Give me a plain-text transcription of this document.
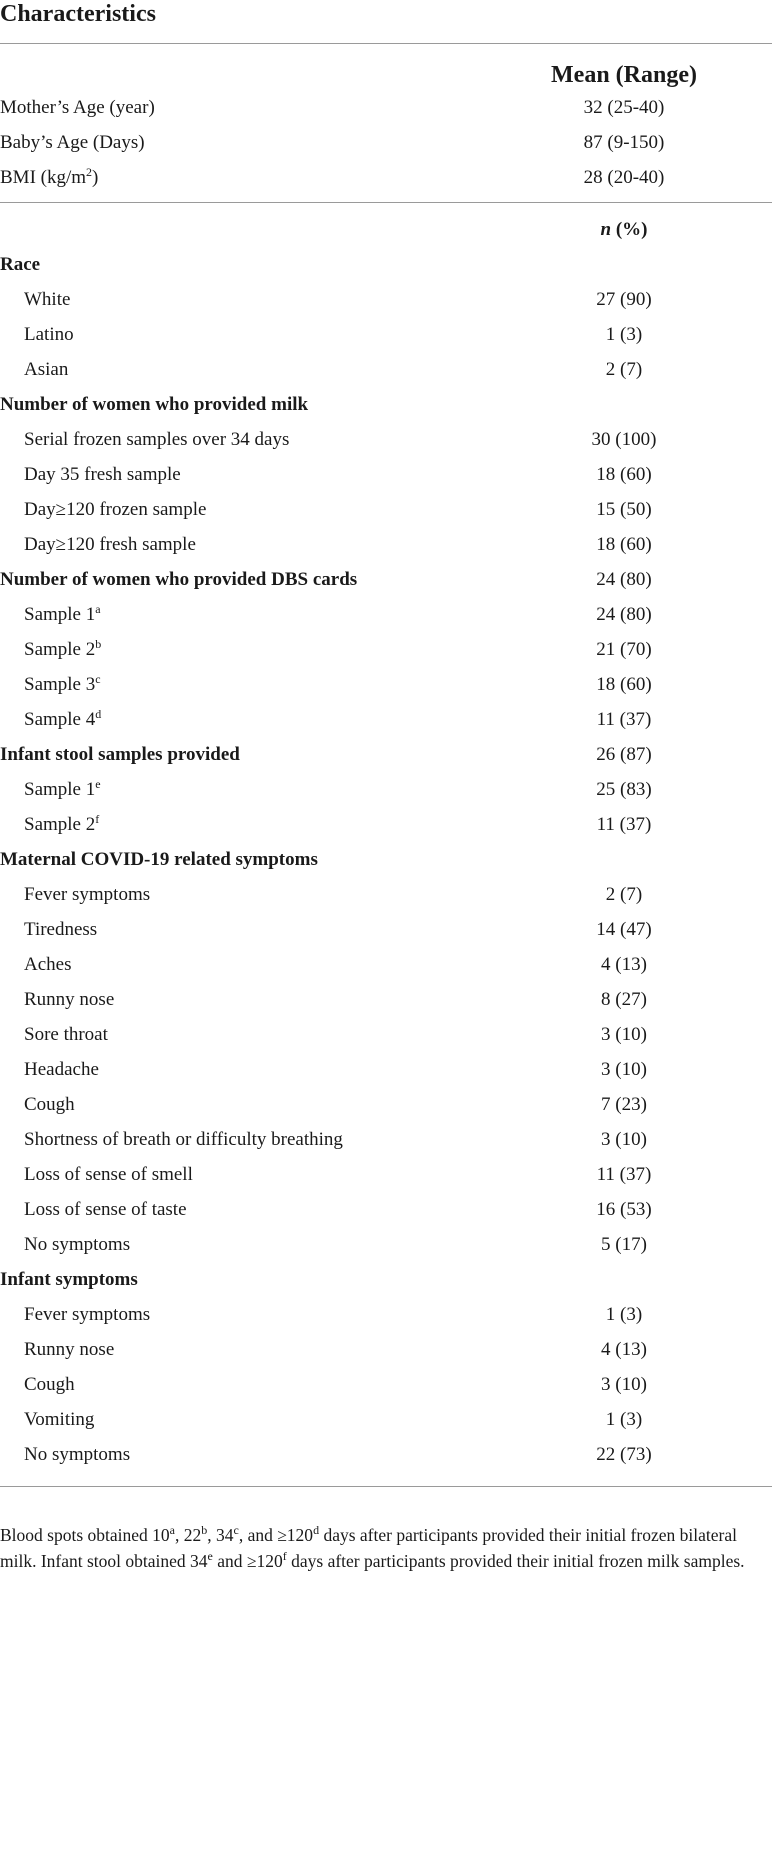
Characteristics
Mean (Range)
Mother’s Age (year)	32 (25-40)
Baby’s Age (Days)	87 (9-150)
BMI $(kg/m^2)$	28 (20-40)
n (%)
Race
White	27 (90)
Latino	1 (3)
Asian	2 (7)
Number of women who provided milk
Serial frozen samples over 34 days	30 (100)
Day 35 fresh sample	18 (60)
Day≥120 frozen sample	15 (50)
Day≥120 fresh sample	18 (60)
Number of women who provided DBS cards	24 (80)
Sample 1$^a$	24 (80)
Sample 2$^b$	21 (70)
Sample 3$^c$	18 (60)
Sample 4$^d$	11 (37)
Infant stool samples provided	26 (87)
Sample 1e	25 (83)
Sample 2$^f$	11 (37)
Maternal COVID-19 related symptoms
Fever symptoms	2 (7)
Tiredness	14 (47)
Aches	4 (13)
Runny nose	8 (27)
Sore throat	3 (10)
Headache	3 (10)
Cough	7 (23)
Shortness of breath or difficulty breathing	3 (10)
Loss of sense of smell	11 (37)
Loss of sense of taste	16 (53)
No symptoms	5 (17)
Infant symptoms
Fever symptoms	1 (3)
Runny nose	4 (13)
Cough	3 (10)
Vomiting	1 (3)
No symptoms	22 (73)
Blood spots obtained 10$^a$, 22$^b$, 34$^c$, and $\ge 120^d$ days after participants provided their initial frozen bilateral milk. Infant stool obtained 34e and $\ge 120^f$ days after participants provided their initial frozen milk samples.
